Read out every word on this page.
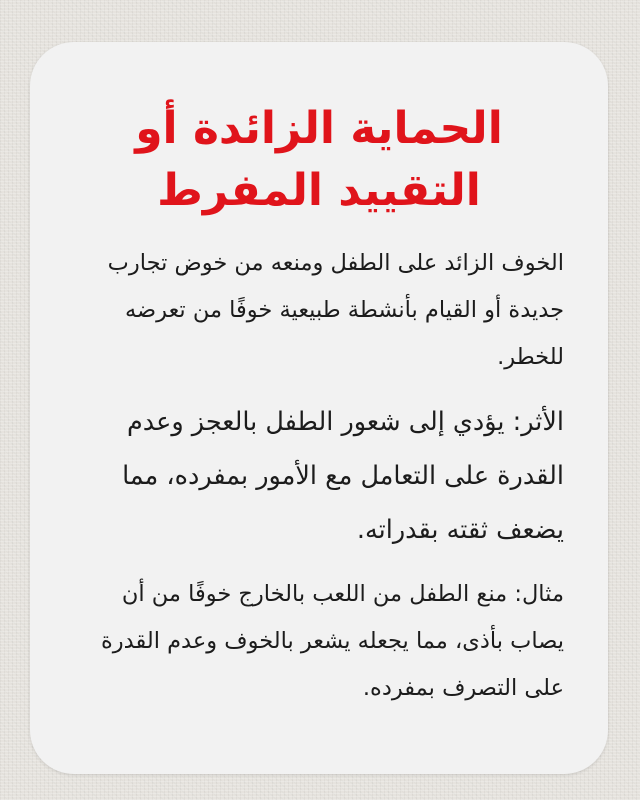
الحماية الزائدة أو التقييد المفرط

الخوف الزائد على الطفل ومنعه من خوض تجارب جديدة أو القيام بأنشطة طبيعية خوفًا من تعرضه للخطر.

الأثر: يؤدي إلى شعور الطفل بالعجز وعدم القدرة على التعامل مع الأمور بمفرده، مما يضعف ثقته بقدراته.

مثال: منع الطفل من اللعب بالخارج خوفًا من أن يصاب بأذى، مما يجعله يشعر بالخوف وعدم القدرة على التصرف بمفرده.
